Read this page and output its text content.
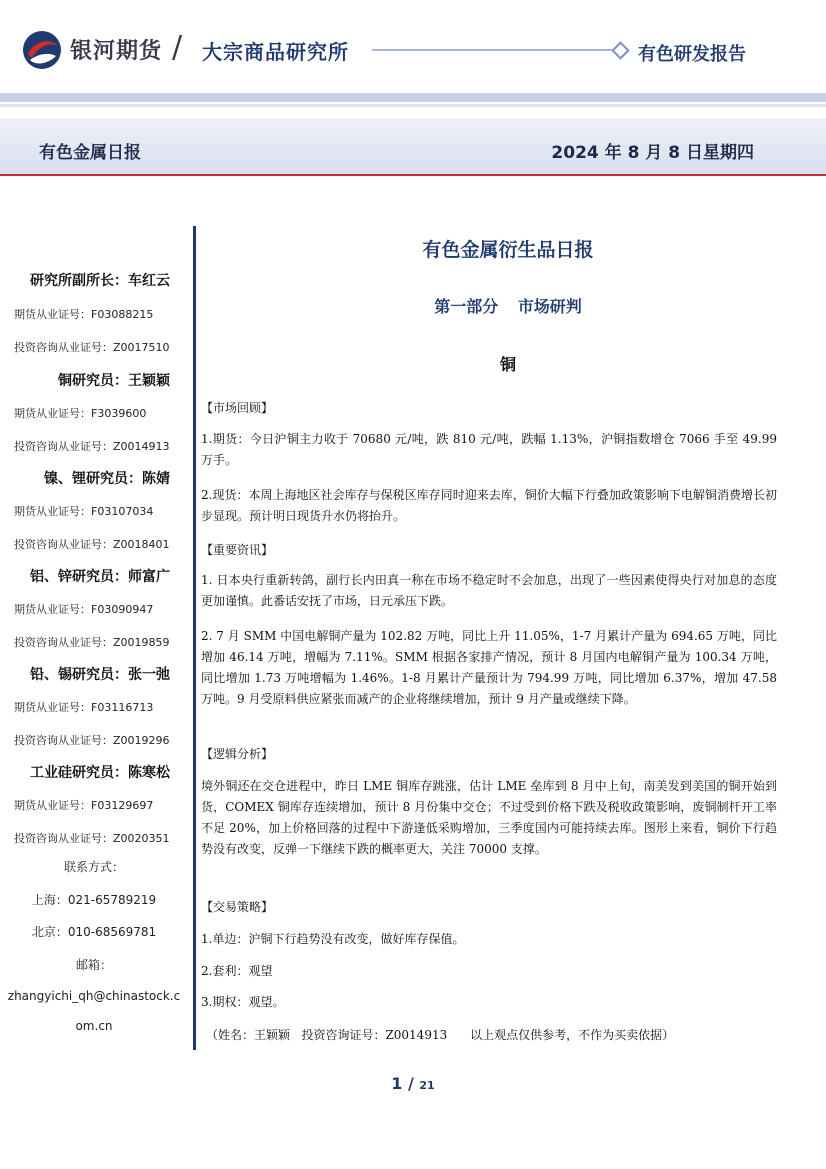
银河期货 / 大宗商品研究所	有色研发报告
有色金属日报	2024 年 8 月 8 日星期四
研究所副所长：车红云
期货从业证号：F03088215
投资咨询从业证号：Z0017510
铜研究员：王颖颖
期货从业证号：F3039600
投资咨询从业证号：Z0014913
镍、锂研究员：陈婧
期货从业证号：F03107034
投资咨询从业证号：Z0018401
铝、锌研究员：师富广
期货从业证号：F03090947
投资咨询从业证号：Z0019859
铅、锡研究员：张一弛
期货从业证号：F03116713
投资咨询从业证号：Z0019296
工业硅研究员：陈寒松
期货从业证号：F03129697
投资咨询从业证号：Z0020351
联系方式：
上海：021-65789219
北京：010-68569781
邮箱：
zhangyichi_qh@chinastock.c
om.cn
有色金属衍生品日报
第一部分 市场研判
铜
【市场回顾】
1.期货：今日沪铜主力收于 70680 元/吨，跌 810 元/吨，跌幅 1.13%，沪铜指数增仓 7066 手至 49.99 万手。
2.现货：本周上海地区社会库存与保税区库存同时迎来去库，铜价大幅下行叠加政策影响下电解铜消费增长初步显现。预计明日现货升水仍将抬升。
【重要资讯】
1. 日本央行重新转鸽，副行长内田真一称在市场不稳定时不会加息，出现了一些因素使得央行对加息的态度更加谨慎。此番话安抚了市场，日元承压下跌。
2. 7 月 SMM 中国电解铜产量为 102.82 万吨，同比上升 11.05%，1-7 月累计产量为 694.65 万吨，同比增加 46.14 万吨，增幅为 7.11%。SMM 根据各家排产情况，预计 8 月国内电解铜产量为 100.34 万吨，同比增加 1.73 万吨增幅为 1.46%。1-8 月累计产量预计为 794.99 万吨，同比增加 6.37%，增加 47.58 万吨。9 月受原料供应紧张而减产的企业将继续增加，预计 9 月产量或继续下降。
【逻辑分析】
境外铜还在交仓进程中，昨日 LME 铜库存跳涨，估计 LME 垒库到 8 月中上旬，南美发到美国的铜开始到货，COMEX 铜库存连续增加，预计 8 月份集中交仓；不过受到价格下跌及税收政策影响，废铜制杆开工率不足 20%，加上价格回落的过程中下游逢低采购增加，三季度国内可能持续去库。图形上来看，铜价下行趋势没有改变，反弹一下继续下跌的概率更大，关注 70000 支撑。
【交易策略】
1.单边：沪铜下行趋势没有改变，做好库存保值。
2.套利：观望
3.期权：观望。
（姓名：王颖颖   投资咨询证号：Z0014913      以上观点仅供参考，不作为买卖依据）
1 / 21
